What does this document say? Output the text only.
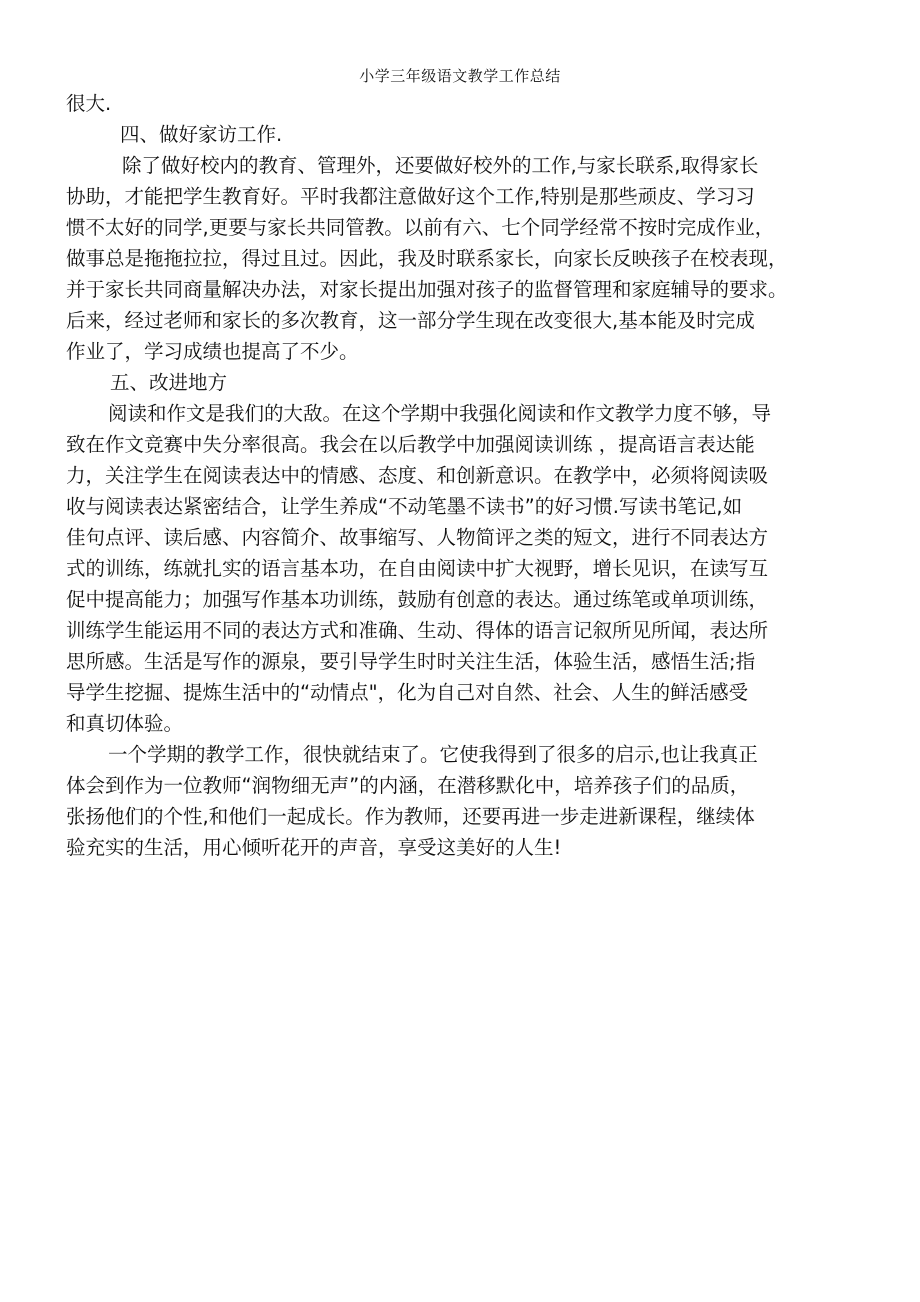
小学三年级语文教学工作总结
很大.
四、做好家访工作.
除了做好校内的教育、管理外，还要做好校外的工作,与家长联系,取得家长
协助，才能把学生教育好。平时我都注意做好这个工作,特别是那些顽皮、学习习
惯不太好的同学,更要与家长共同管教。以前有六、七个同学经常不按时完成作业，
做事总是拖拖拉拉，得过且过。因此，我及时联系家长，向家长反映孩子在校表现，
并于家长共同商量解决办法，对家长提出加强对孩子的监督管理和家庭辅导的要求。
后来，经过老师和家长的多次教育，这一部分学生现在改变很大,基本能及时完成
作业了，学习成绩也提高了不少。
五、改进地方
阅读和作文是我们的大敌。在这个学期中我强化阅读和作文教学力度不够，导
致在作文竞赛中失分率很高。我会在以后教学中加强阅读训练 ，提高语言表达能
力，关注学生在阅读表达中的情感、态度、和创新意识。在教学中，必须将阅读吸
收与阅读表达紧密结合，让学生养成“不动笔墨不读书”的好习惯.写读书笔记,如
佳句点评、读后感、内容简介、故事缩写、人物简评之类的短文，进行不同表达方
式的训练，练就扎实的语言基本功，在自由阅读中扩大视野，增长见识，在读写互
促中提高能力；加强写作基本功训练，鼓励有创意的表达。通过练笔或单项训练，
训练学生能运用不同的表达方式和准确、生动、得体的语言记叙所见所闻，表达所
思所感。生活是写作的源泉，要引导学生时时关注生活，体验生活，感悟生活;指
导学生挖掘、提炼生活中的“动情点"，化为自己对自然、社会、人生的鲜活感受
和真切体验。
一个学期的教学工作，很快就结束了。它使我得到了很多的启示,也让我真正
体会到作为一位教师“润物细无声”的内涵，在潜移默化中，培养孩子们的品质，
张扬他们的个性,和他们一起成长。作为教师，还要再进一步走进新课程，继续体
验充实的生活，用心倾听花开的声音，享受这美好的人生!
